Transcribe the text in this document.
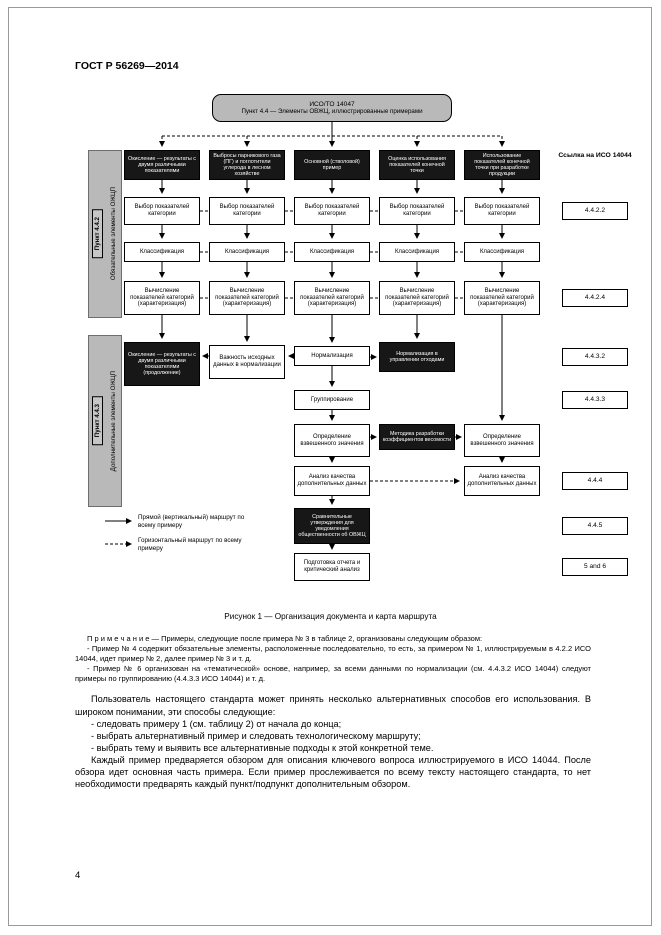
ГОСТ Р 56269—2014
ИСО/ТО 14047
Пункт 4.4 — Элементы ОВЖЦ, иллюстрированные примерами
Пункт 4.4.2	Обязательные элементы ОЖЦП
Пункт 4.4.3	Дополнительные элементы ОЖЦП
Окисление — результаты с двумя различными показателями
Выбросы парникового газа (ПГ) и поглотители углерода в лесном хозяйстве
Основной (стволовой) пример
Оценка использования показателей конечной точки
Использование показателей конечной точки при разработке продукции
Выбор показателей категории
Выбор показателей категории
Выбор показателей категории
Выбор показателей категории
Выбор показателей категории
Классификация	Классификация	Классификация	Классификация	Классификация
Вычисление показателей категорий (характеризация)
Вычисление показателей категорий (характеризация)
Вычисление показателей категорий (характеризация)
Вычисление показателей категорий (характеризация)
Вычисление показателей категорий (характеризация)
Окисление — результаты с двумя различными показателями (продолжение)
Важность исходных данных в нормализации
Нормализация	Нормализация в управлении отходами
Группирование
Определение взвешенного значения
Методика разработки коэффициентов весомости
Определение взвешенного значения
Анализ качества дополнительных данных
Анализ качества дополнительных данных
Сравнительные утверждения для уведомления общественности об ОВЖЦ
Подготовка отчета и критический анализ
Ссылка на ИСО 14044
4.4.2.2
4.4.2.4
4.4.3.2
4.4.3.3
4.4.4
4.4.5
5 and 6
Прямой (вертикальный) маршрут по всему примеру
Горизонтальный маршрут по всему примеру
Рисунок 1 — Организация документа и карта маршрута

П р и м е ч а н и е — Примеры, следующие после примера № 3 в таблице 2, организованы следующим образом:

- Пример № 4 содержит обязательные элементы, расположенные последовательно, то есть, за примером № 1, иллюстрируемым в 4.2.2 ИСО 14044, идет пример № 2, далее пример № 3 и т. д.

- Пример № 6 организован на «тематической» основе, например, за всеми данными по нормализации (см. 4.4.3.2 ИСО 14044) следуют примеры по группированию (4.4.3.3 ИСО 14044) и т. д.

Пользователь настоящего стандарта может принять несколько альтернативных способов его использования. В широком понимании, эти способы следующие:

- следовать примеру 1 (см. таблицу 2) от начала до конца;

- выбрать альтернативный пример и следовать технологическому маршруту;

- выбрать тему и выявить все альтернативные подходы к этой конкретной теме.

Каждый пример предваряется обзором для описания ключевого вопроса иллюстрируемого в ИСО 14044. После обзора идет основная часть примера. Если пример прослеживается по всему тексту настоящего стандарта, то нет необходимости предварять каждый пункт/подпункт дополнительным обзором.

4
